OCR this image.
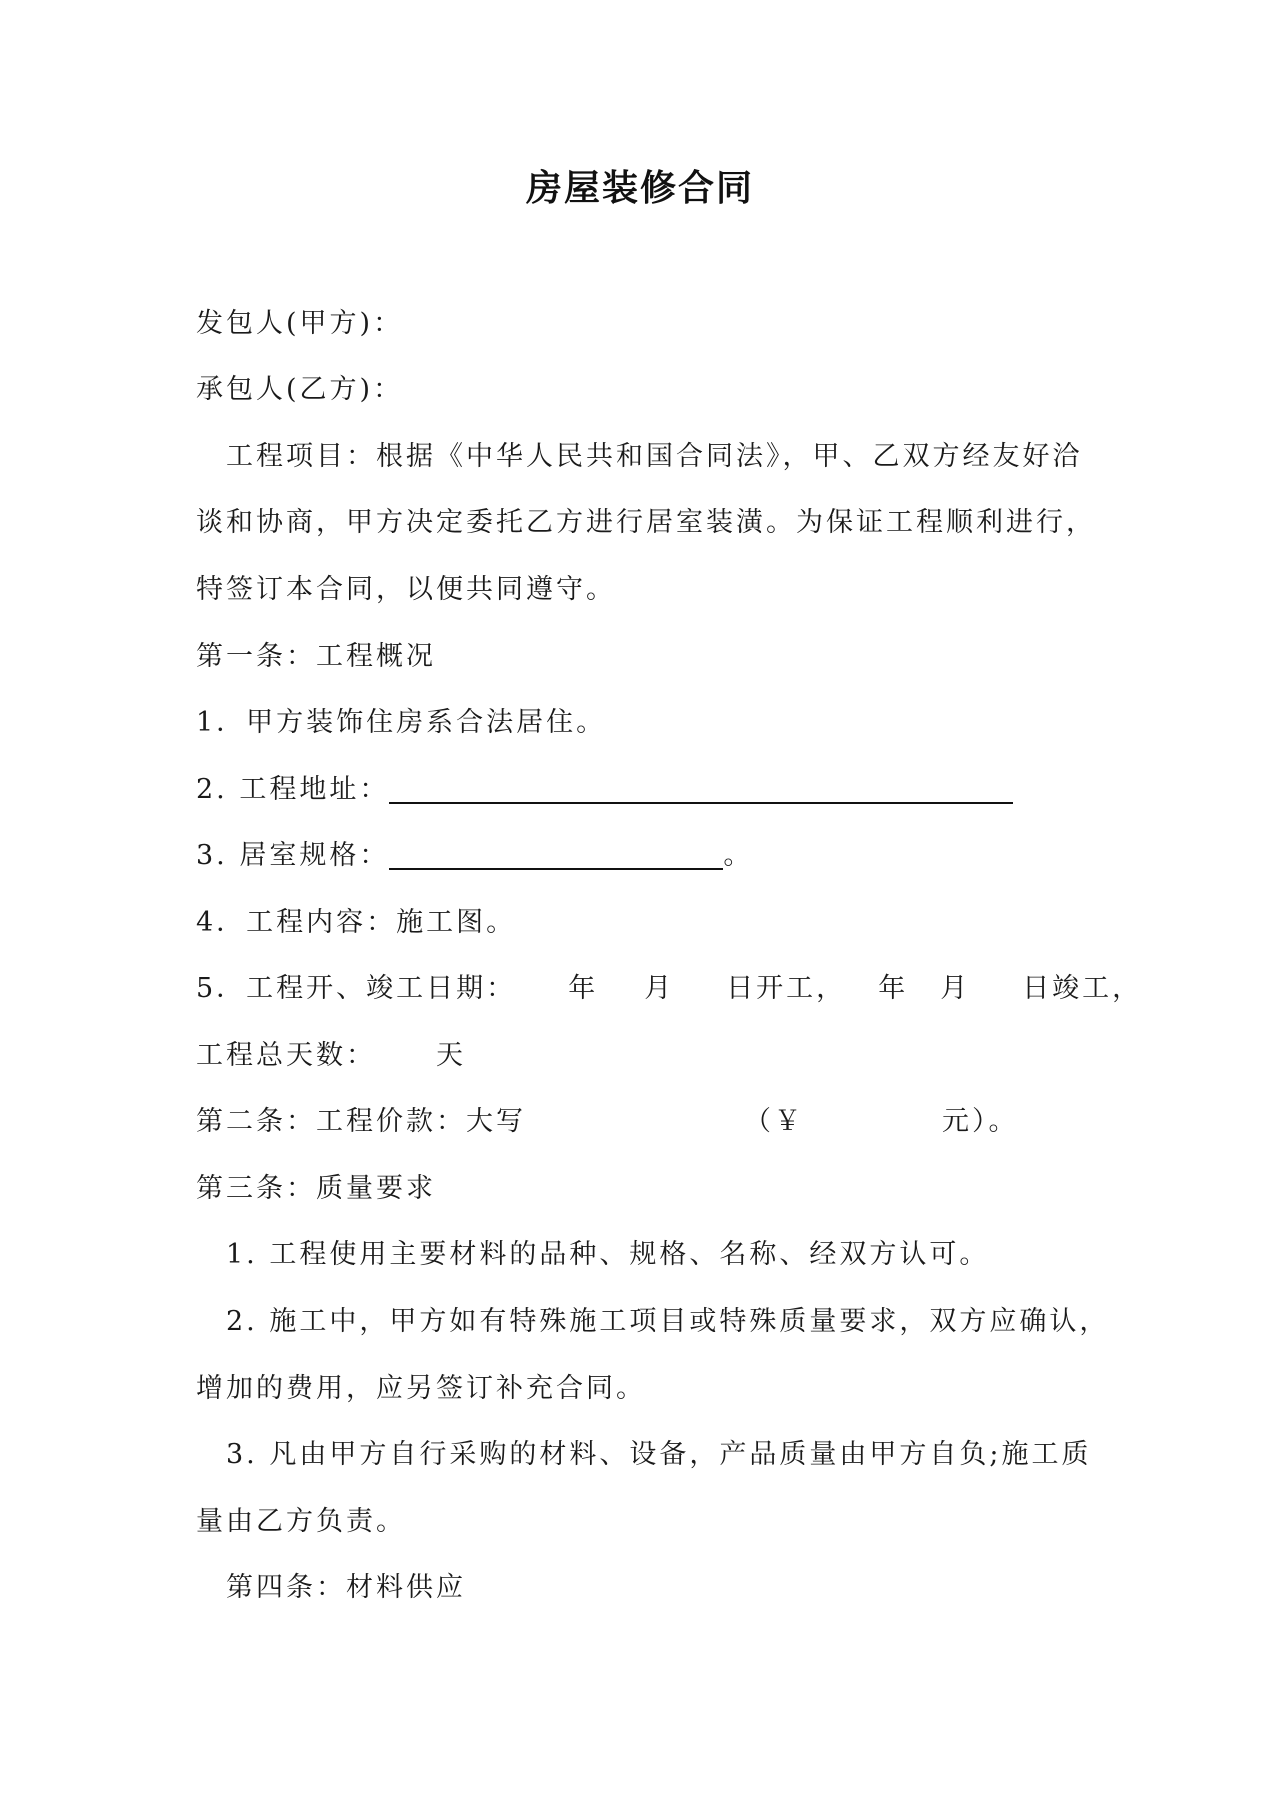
房屋装修合同
发包人(甲方)：
承包人(乙方)：
工程项目：根据《中华人民共和国合同法》，甲、乙双方经友好洽
谈和协商，甲方决定委托乙方进行居室装潢。为保证工程顺利进行，
特签订本合同，以便共同遵守。
第一条：工程概况
1．甲方装饰住房系合法居住。
2. 工程地址：
3. 居室规格：	。
4．工程内容：施工图。
5．工程开、竣工日期： 年 月 日开工， 年 月 日竣工，
工程总天数： 天
第二条：工程价款：大写	（￥	元）。
第三条：质量要求
1. 工程使用主要材料的品种、规格、名称、经双方认可。
2. 施工中，甲方如有特殊施工项目或特殊质量要求，双方应确认，
增加的费用，应另签订补充合同。
3. 凡由甲方自行采购的材料、设备，产品质量由甲方自负;施工质
量由乙方负责。
第四条：材料供应
